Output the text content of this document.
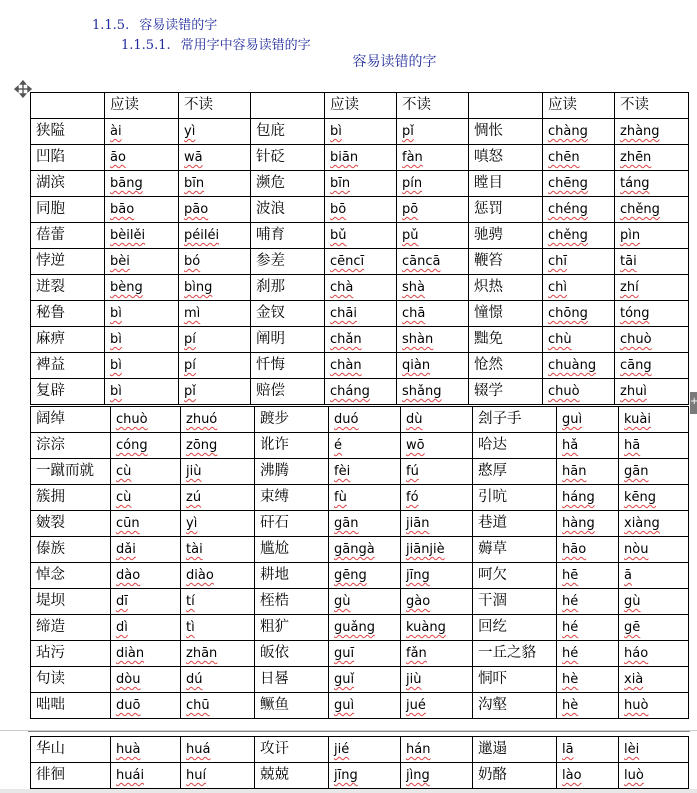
1.1.5. 容易读错的字
1.1.5.1. 常用字中容易读错的字
容易读错的字
	应读	不读		应读	不读		应读	不读
狭隘	ài	yì	包庇	bì	pǐ	惆怅	chàng	zhàng
凹陷	āo	wā	针砭	biān	fàn	嗔怒	chēn	zhēn
湖滨	bāng	bīn	濒危	bīn	pín	瞠目	chēng	táng
同胞	bāo	pāo	波浪	bō	pō	惩罚	chéng	chěng
蓓蕾	bèilěi	péiléi	哺育	bǔ	pǔ	驰骋	chěng	pìn
悖逆	bèi	bó	参差	cēncī	cāncā	鞭笞	chī	tāi
迸裂	bèng	bìng	刹那	chà	shà	炽热	chì	zhí
秘鲁	bì	mì	金钗	chāi	chā	憧憬	chōng	tóng
麻痹	bì	pí	阐明	chǎn	shàn	黜免	chù	chuò
裨益	bì	pí	忏悔	chàn	qiàn	怆然	chuàng	cāng
复辟	bì	pǐ	赔偿	cháng	shǎng	辍学	chuò	zhuì
+
阔绰	chuò	zhuó	踱步	duó	dù	刽子手	guì	kuài
淙淙	cóng	zōng	讹诈	é	wō	哈达	hǎ	hā
一蹴而就	cù	jiù	沸腾	fèi	fú	憨厚	hān	gān
簇拥	cù	zú	束缚	fù	fó	引吭	háng	kēng
皴裂	cūn	yì	矸石	gān	jiān	巷道	hàng	xiàng
傣族	dǎi	tài	尴尬	gāngà	jiānjiè	薅草	hāo	nòu
悼念	dào	diào	耕地	gēng	jīng	呵欠	hē	ā
堤坝	dī	tí	桎梏	gù	gào	干涸	hé	gù
缔造	dì	tì	粗犷	guǎng	kuàng	回纥	hé	gē
玷污	diàn	zhān	皈依	guī	fǎn	一丘之貉	hé	háo
句读	dòu	dú	日晷	guǐ	jiù	恫吓	hè	xià
咄咄	duō	chū	鳜鱼	guì	jué	沟壑	hè	huò
华山	huà	huá	攻讦	jié	hán	邋遢	lā	lèi
徘徊	huái	huí	兢兢	jīng	jìng	奶酪	lào	luò
